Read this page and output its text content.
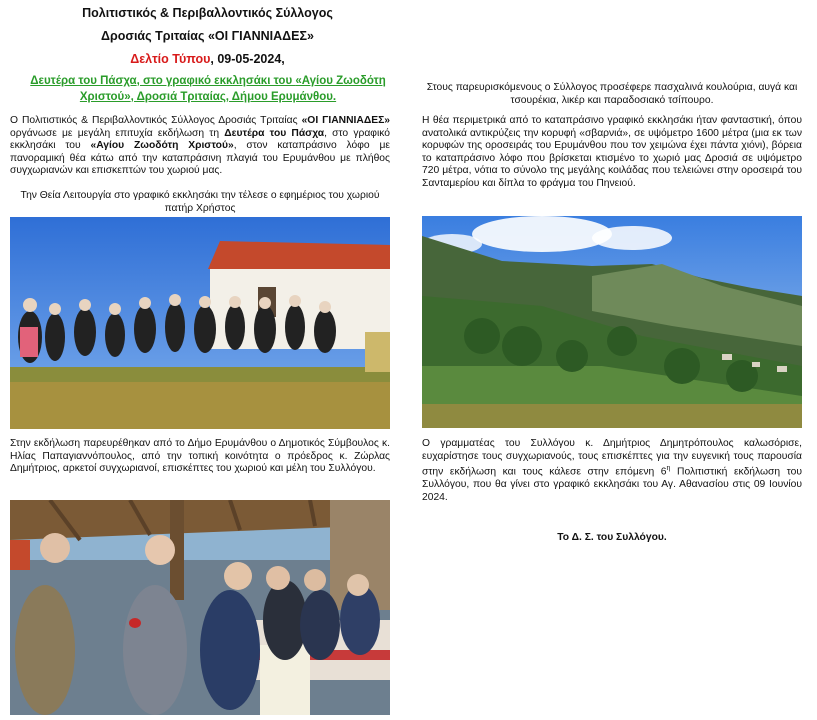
Πολιτιστικός & Περιβαλλοντικός Σύλλογος
Δροσιάς Τριταίας «ΟΙ ΓΙΑΝΝΙΑΔΕΣ»
Δελτίο Τύπου, 09-05-2024,
Δευτέρα του Πάσχα, στο γραφικό εκκλησάκι του «Αγίου Ζωοδότη Χριστού», Δροσιά Τριταίας, Δήμου Ερυμάνθου.
Ο Πολιτιστικός & Περιβαλλοντικός Σύλλογος Δροσιάς Τριταίας «ΟΙ ΓΙΑΝΝΙΑΔΕΣ» οργάνωσε με μεγάλη επιτυχία εκδήλωση τη Δευτέρα του Πάσχα, στο γραφικό εκκλησάκι του «Αγίου Ζωοδότη Χριστού», στον καταπράσινο λόφο με πανοραμική θέα κάτω από την καταπράσινη πλαγιά του Ερυμάνθου με πλήθος συγχωριανών και επισκεπτών του χωριού μας.
Την Θεία Λειτουργία στο γραφικό εκκλησάκι την τέλεσε ο εφημέριος του χωριού πατήρ Χρήστος
Στην εκδήλωση παρευρέθηκαν από το Δήμο Ερυμάνθου ο Δημοτικός Σύμβουλος κ. Ηλίας Παπαγιαννόπουλος, από την τοπική κοινότητα ο πρόεδρος κ. Ζώρλας Δημήτριος, αρκετοί συγχωριανοί, επισκέπτες του χωριού και μέλη του Συλλόγου.
Στους παρευρισκόμενους ο Σύλλογος προσέφερε πασχαλινά κουλούρια, αυγά και τσουρέκια, λικέρ και παραδοσιακό τσίπουρο.
Η θέα περιμετρικά από το καταπράσινο γραφικό εκκλησάκι ήταν φανταστική, όπου ανατολικά αντικρύζεις την κορυφή «σβαρνιά», σε υψόμετρο 1600 μέτρα (μια εκ των κορυφών της οροσειράς του Ερυμάνθου που τον χειμώνα έχει πάντα χιόνι), βόρεια το καταπράσινο λόφο που βρίσκεται κτισμένο το χωριό μας Δροσιά σε υψόμετρο 720 μέτρα, νότια το σύνολο της μεγάλης κοιλάδας που τελειώνει στην οροσειρά του Σανταμερίου και δίπλα το φράγμα του Πηνειού.
Ο γραμματέας του Συλλόγου κ. Δημήτριος Δημητρόπουλος καλωσόρισε, ευχαρίστησε τους συγχωριανούς, τους επισκέπτες για την ευγενική τους παρουσία στην εκδήλωση και τους κάλεσε στην επόμενη $6^\eta$ Πολιτιστική εκδήλωση του Συλλόγου, που θα γίνει στο γραφικό εκκλησάκι του Αγ. Αθανασίου στις 09 Ιουνίου 2024.
Το Δ. Σ. του Συλλόγου.
